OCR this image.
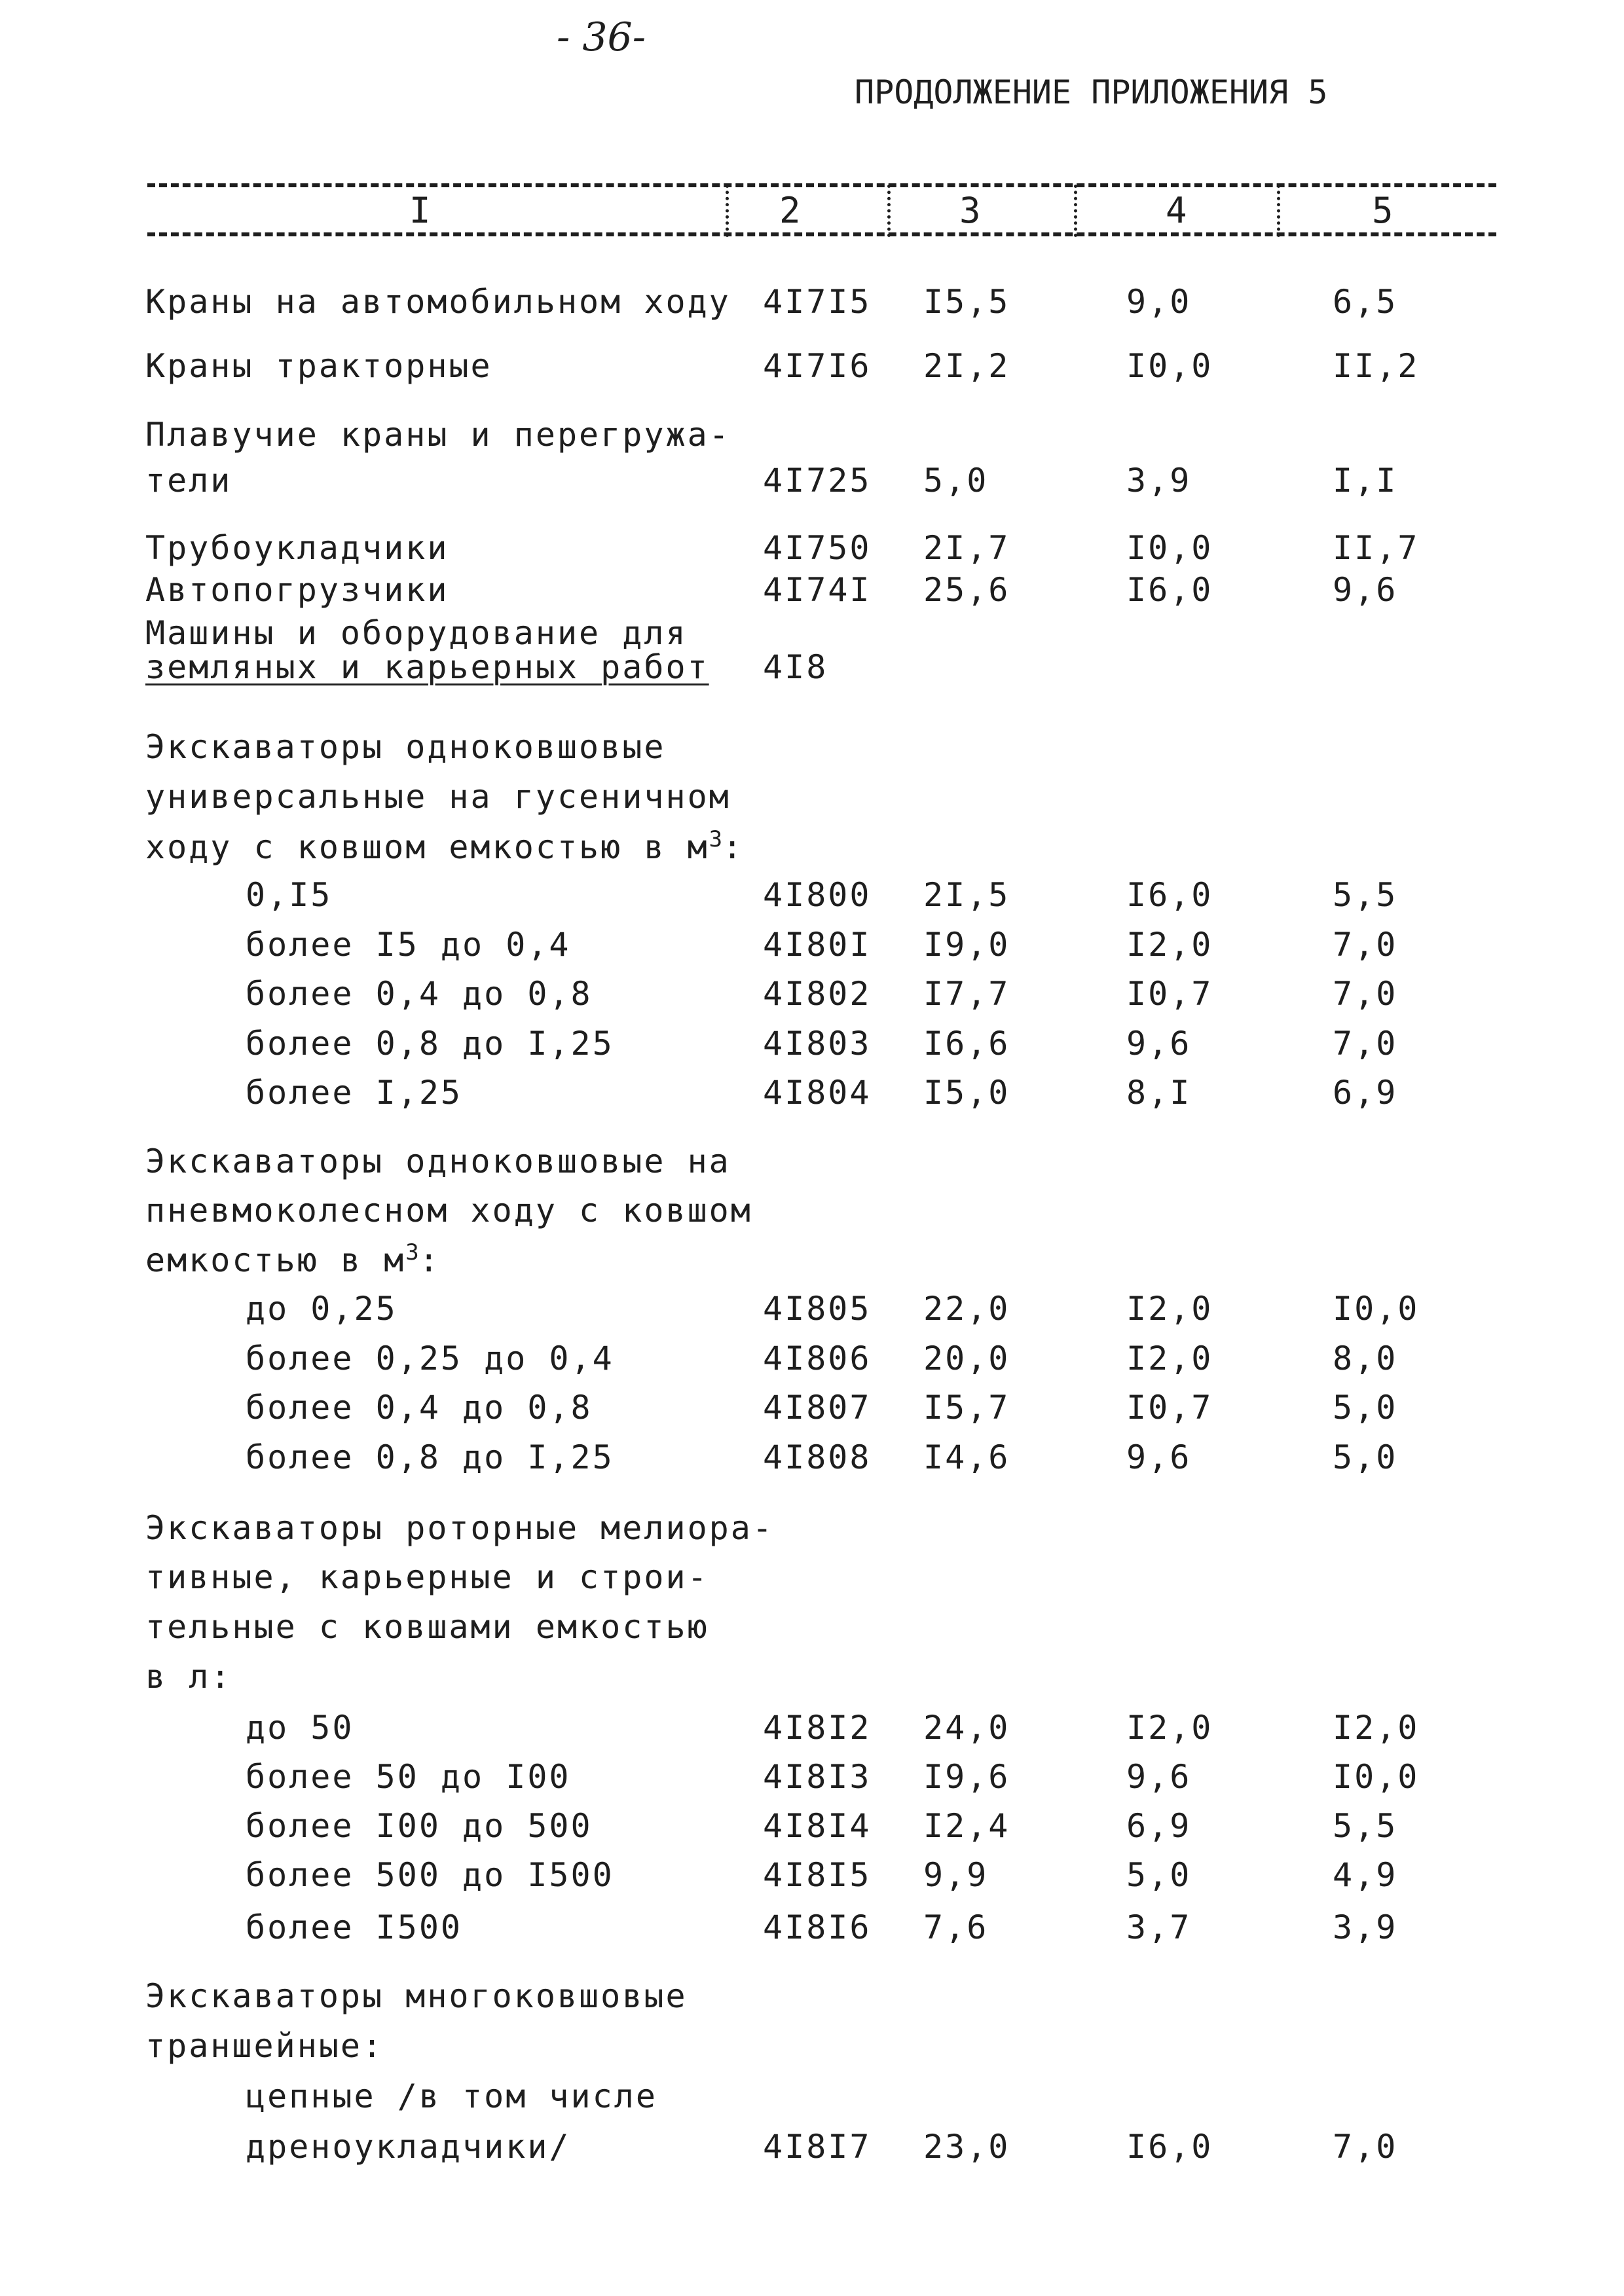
- 36-
ПРОДОЛЖЕНИЕ ПРИЛОЖЕНИЯ 5
I	2	3	4	5
Краны на автомобильном ходу 4I7I5 I5,5	9,0	6,5
Краны тракторные	4I7I6 2I,2	I0,0	II,2
Плавучие краны и перегружа-
тели	4I725 5,0	3,9	I,I
Трубоукладчики	4I750 2I,7	I0,0	II,7
Автопогрузчики	4I74I 25,6	I6,0	9,6
Машины и оборудование для
земляных и карьерных работ 4I8
Экскаваторы одноковшовые
универсальные на гусеничном
ходу с ковшом емкостью в $м^3$:
0,I5	4I800 2I,5	I6,0	5,5
более I5 до 0,4	4I80I I9,0	I2,0	7,0
более 0,4 до 0,8	4I802 I7,7	I0,7	7,0
более 0,8 до I,25	4I803 I6,6	9,6	7,0
более I,25	4I804 I5,0	8,I	6,9
Экскаваторы одноковшовые на
пневмоколесном ходу с ковшом
емкостью в $м^3$:
до 0,25	4I805 22,0	I2,0	I0,0
более 0,25 до 0,4	4I806 20,0	I2,0	8,0
более 0,4 до 0,8	4I807 I5,7	I0,7	5,0
более 0,8 до I,25	4I808 I4,6	9,6	5,0
Экскаваторы роторные мелиора-
тивные, карьерные и строи-
тельные с ковшами емкостью
в л:
до 50	4I8I2 24,0	I2,0	I2,0
более 50 до I00	4I8I3 I9,6	9,6	I0,0
более I00 до 500	4I8I4 I2,4	6,9	5,5
более 500 до I500	4I8I5 9,9	5,0	4,9
более I500	4I8I6 7,6	3,7	3,9
Экскаваторы многоковшовые
траншейные:
цепные /в том числе
дреноукладчики/	4I8I7 23,0	I6,0	7,0
